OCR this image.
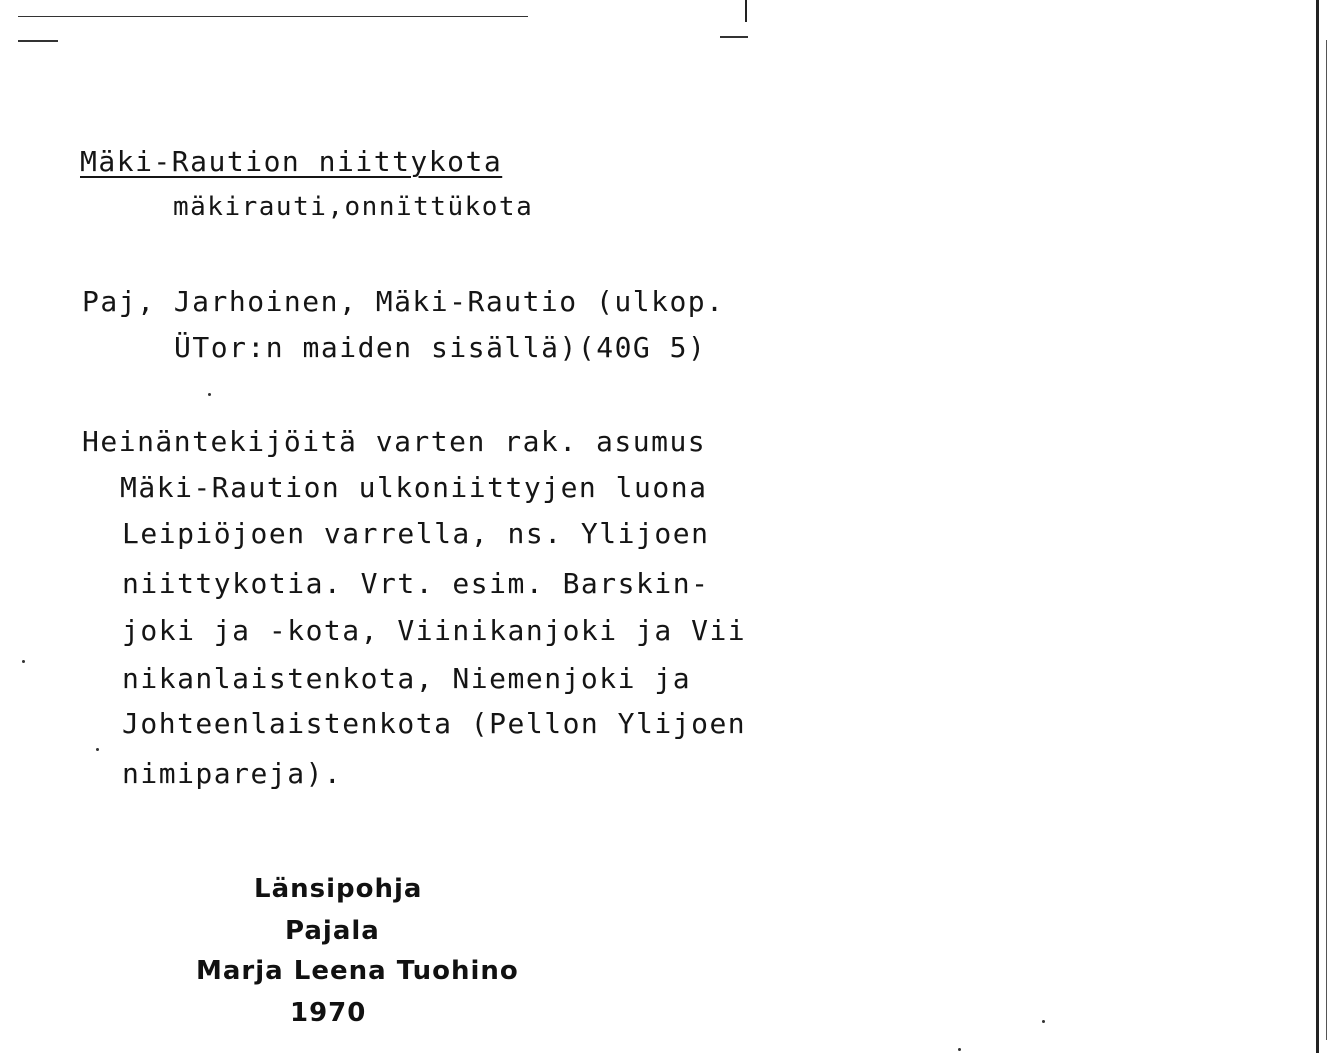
Mäki-Raution niittykota
mäkirauti,onnïttükota
Paj, Jarhoinen, Mäki-Rautio (ulkop.
ÜTor:n maiden sisällä)(40G 5)
Heinäntekijöitä varten rak. asumus
Mäki-Raution ulkoniittyjen luona
Leipiöjoen varrella, ns. Ylijoen
niittykotia. Vrt. esim. Barskin-
joki ja -kota, Viinikanjoki ja Vii
nikanlaistenkota, Niemenjoki ja
Johteenlaistenkota (Pellon Ylijoen
nimipareja).
Länsipohja
Pajala
Marja Leena Tuohino
1970
